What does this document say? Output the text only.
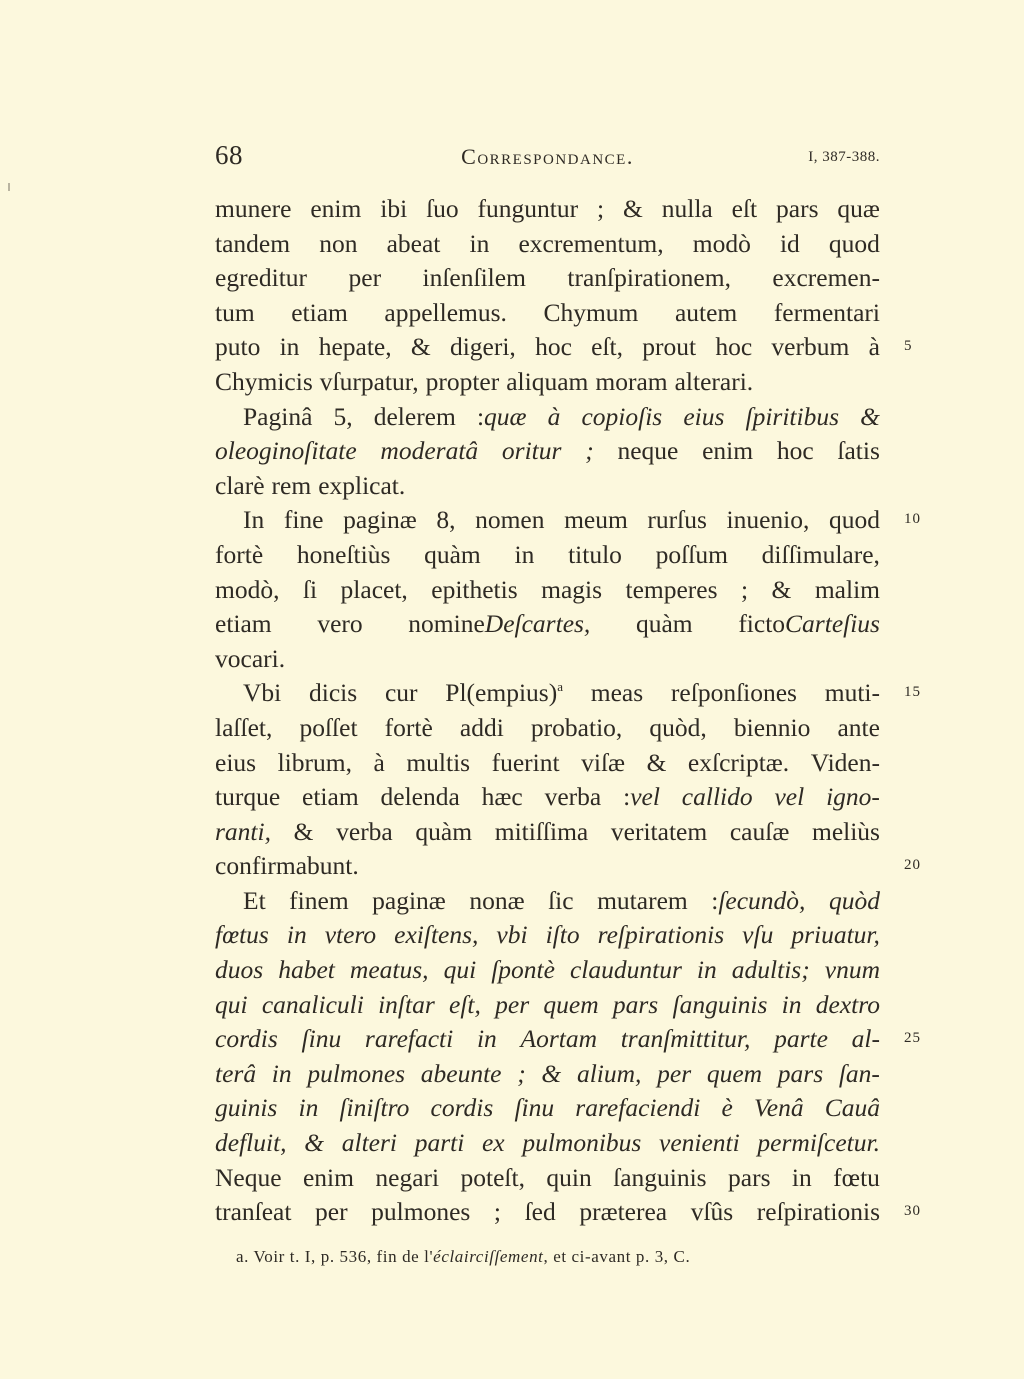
68	Correspondance.	I, 387-388.
munere enim ibi ſuo funguntur ; & nulla eſt pars quæ
tandem non abeat in excrementum, modò id quod
egreditur per inſenſilem tranſpirationem, excremen-
tum etiam appellemus. Chymum autem fermentari
puto in hepate, & digeri, hoc eſt, prout hoc verbum à
Chymicis vſurpatur, propter aliquam moram alterari.
Paginâ 5, delerem :quæ à copioſis eius ſpiritibus &
oleoginoſitate moderatâ oritur ; neque enim hoc ſatis
clarè rem explicat.
In fine paginæ 8, nomen meum rurſus inuenio, quod
fortè honeſtiùs quàm in titulo poſſum diſſimulare,
modò, ſi placet, epithetis magis temperes ; & malim
etiam vero nomineDeſcartes, quàm fictoCarteſius
vocari.
Vbi dicis cur Pl(empius)$^a$ meas reſponſiones muti-
laſſet, poſſet fortè addi probatio, quòd, biennio ante
eius librum, à multis fuerint viſæ & exſcriptæ. Viden-
turque etiam delenda hæc verba :vel callido vel igno-
ranti, & verba quàm mitiſſima veritatem cauſæ meliùs
confirmabunt.
Et finem paginæ nonæ ſic mutarem :ſecundò, quòd
fœtus in vtero exiſtens, vbi iſto reſpirationis vſu priuatur,
duos habet meatus, qui ſpontè clauduntur in adultis; vnum
qui canaliculi inſtar eſt, per quem pars ſanguinis in dextro
cordis ſinu rarefacti in Aortam tranſmittitur, parte al-
terâ in pulmones abeunte ; & alium, per quem pars ſan-
guinis in ſiniſtro cordis ſinu rarefaciendi è Venâ Cauâ
defluit, & alteri parti ex pulmonibus venienti permiſcetur.
Neque enim negari poteſt, quin ſanguinis pars in fœtu
tranſeat per pulmones ; ſed præterea vſûs reſpirationis
5
10
15
20
25
30
a. Voir t. I, p. 536, fin de l'éclairciſſement, et ci-avant p. 3, C.
